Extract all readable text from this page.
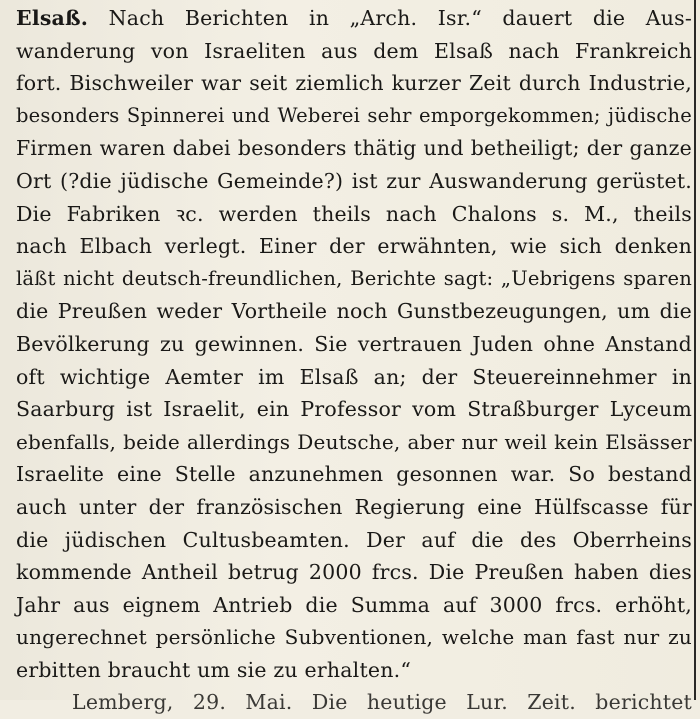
Elsaß. Nach Berichten in „Arch. Isr.“ dauert die Aus-
wanderung von Israeliten aus dem Elsaß nach Frankreich
fort. Bischweiler war seit ziemlich kurzer Zeit durch Industrie,
besonders Spinnerei und Weberei sehr emporgekommen; jüdische
Firmen waren dabei besonders thätig und betheiligt; der ganze
Ort (?die jüdische Gemeinde?) ist zur Auswanderung gerüstet.
Die Fabriken ꝛc. werden theils nach Chalons s. M., theils
nach Elbach verlegt. Einer der erwähnten, wie sich denken
läßt nicht deutsch-freundlichen, Berichte sagt: „Uebrigens sparen
die Preußen weder Vortheile noch Gunstbezeugungen, um die
Bevölkerung zu gewinnen. Sie vertrauen Juden ohne Anstand
oft wichtige Aemter im Elsaß an; der Steuereinnehmer in
Saarburg ist Israelit, ein Professor vom Straßburger Lyceum
ebenfalls, beide allerdings Deutsche, aber nur weil kein Elsässer
Israelite eine Stelle anzunehmen gesonnen war. So bestand
auch unter der französischen Regierung eine Hülfscasse für
die jüdischen Cultusbeamten. Der auf die des Oberrheins
kommende Antheil betrug 2000 frcs. Die Preußen haben dies
Jahr aus eignem Antrieb die Summa auf 3000 frcs. erhöht,
ungerechnet persönliche Subventionen, welche man fast nur zu
erbitten braucht um sie zu erhalten.“
Lemberg, 29. Mai. Die heutige Lur. Zeit. berichtet
